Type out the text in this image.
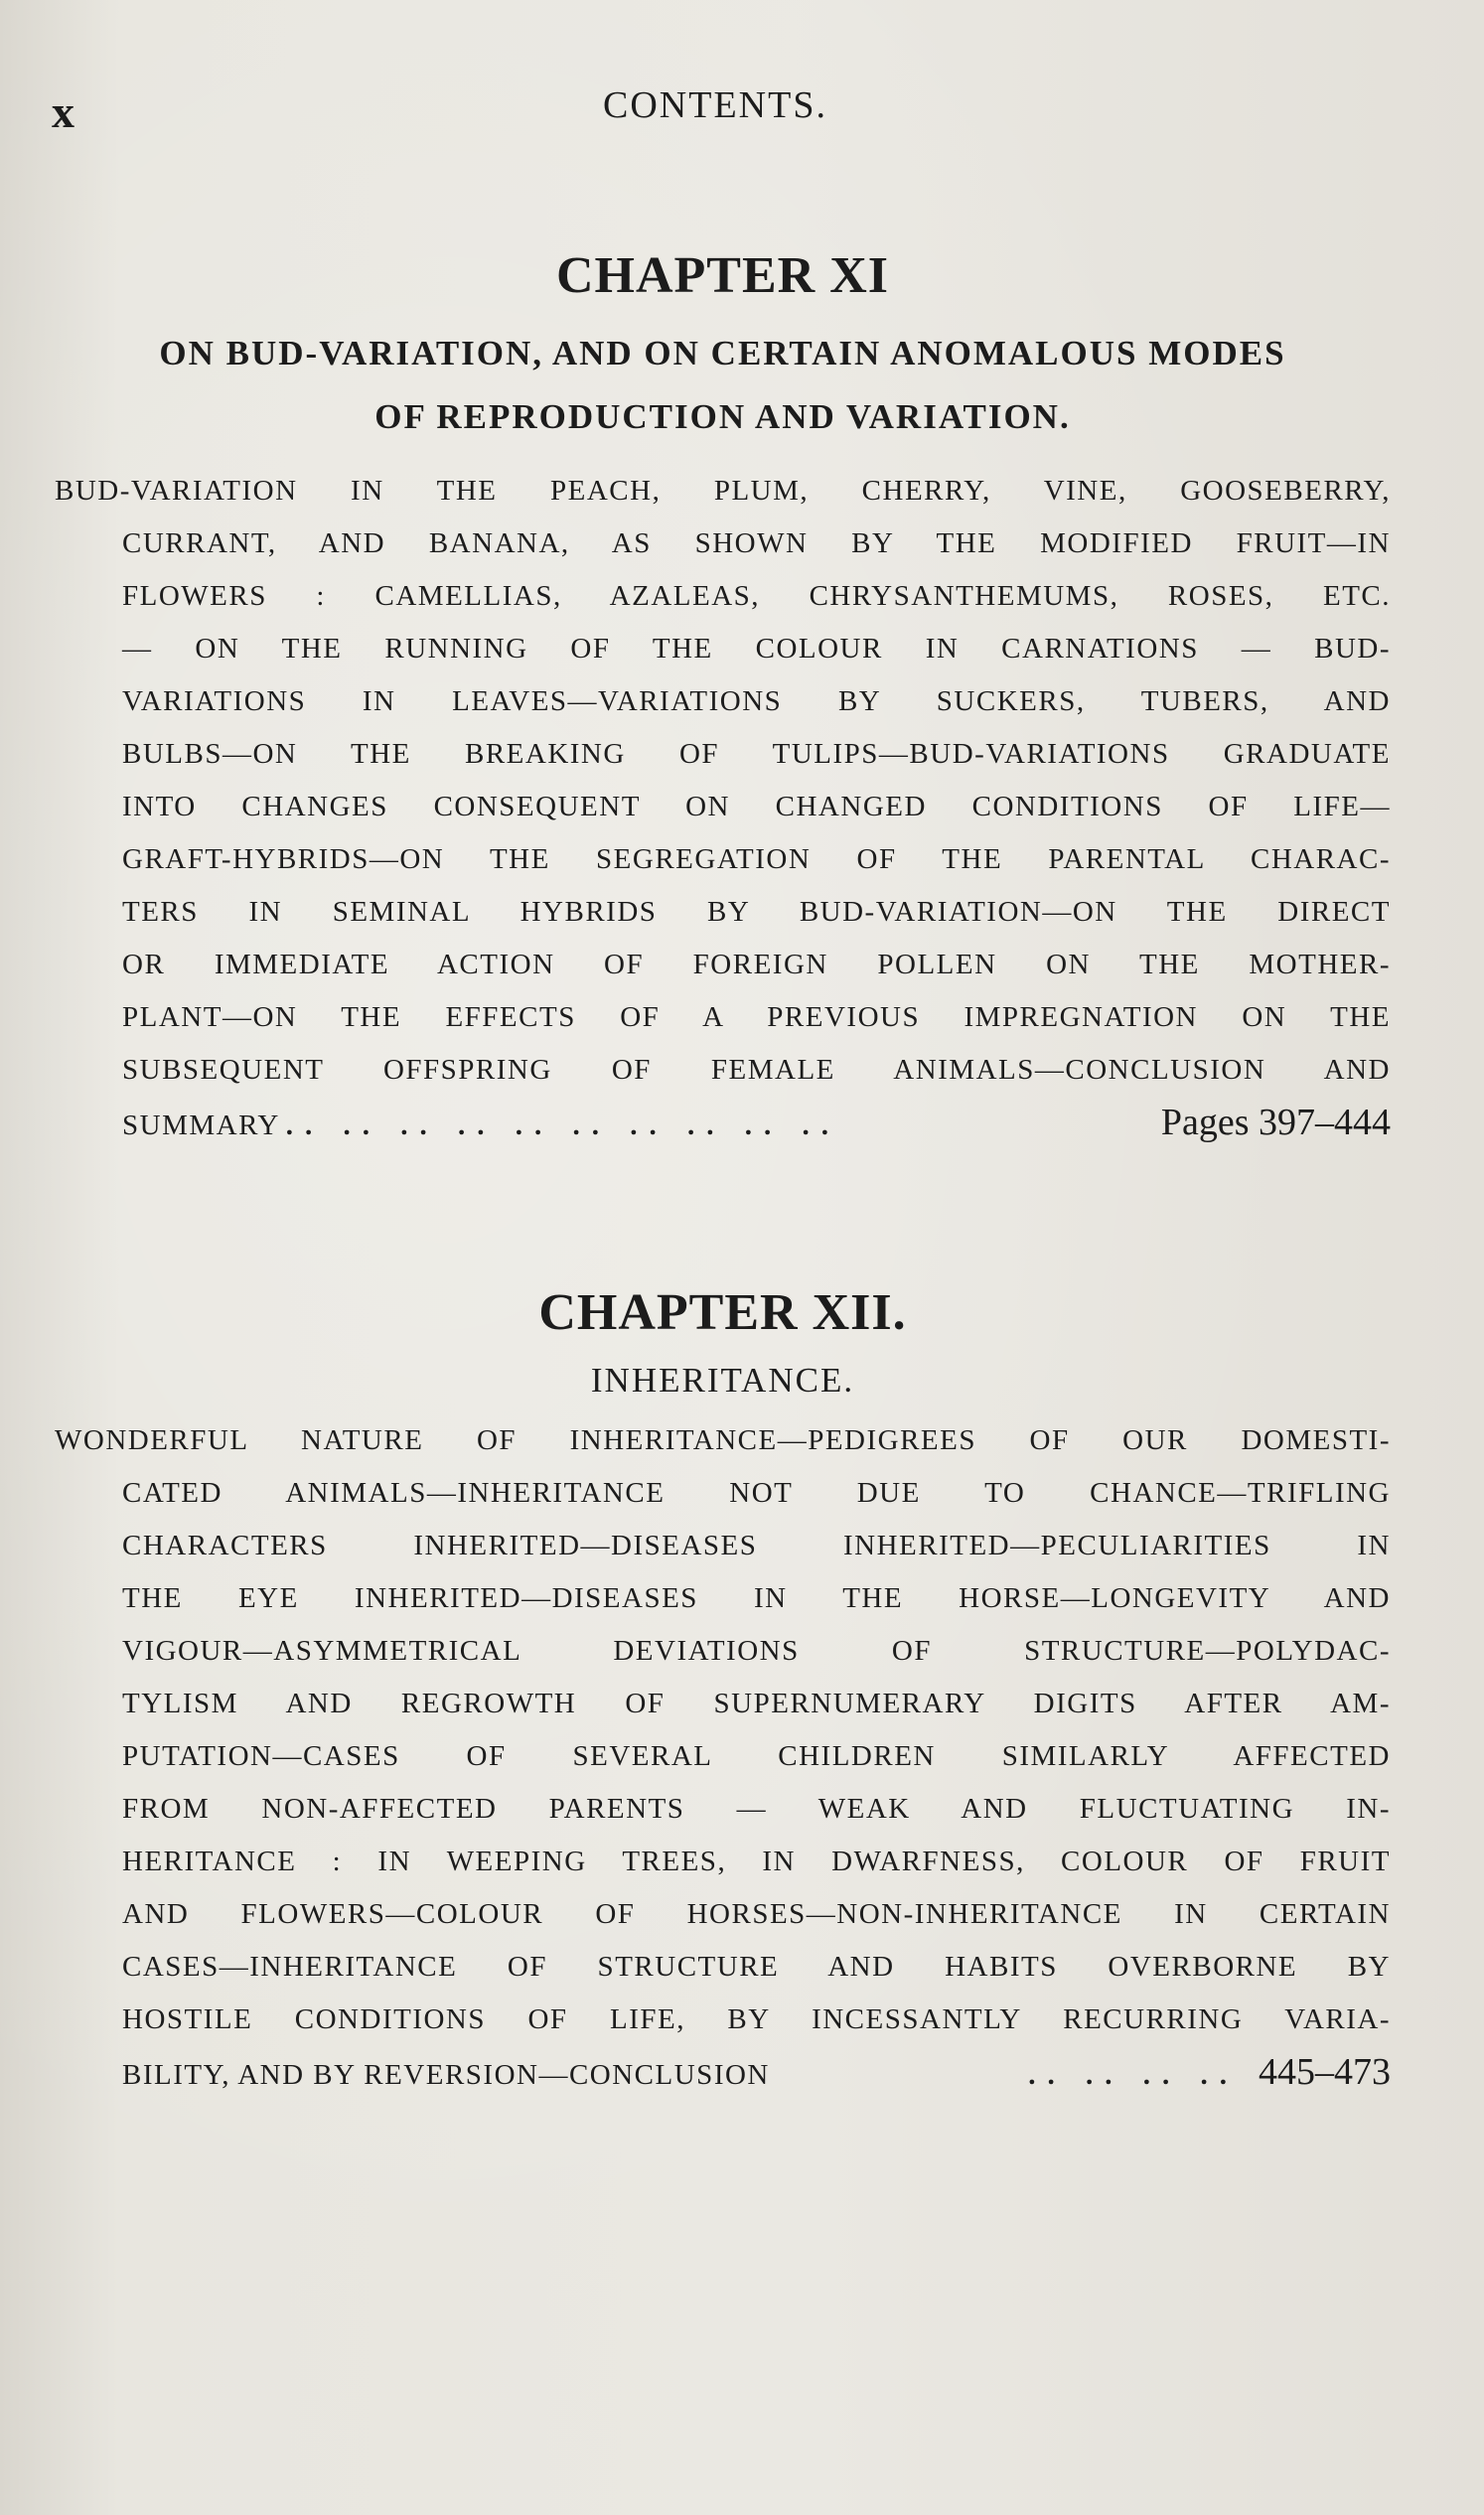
x	CONTENTS.
CHAPTER XI
ON BUD-VARIATION, AND ON CERTAIN ANOMALOUS MODES
OF REPRODUCTION AND VARIATION.
BUD-VARIATION IN THE PEACH, PLUM, CHERRY, VINE, GOOSEBERRY,
CURRANT, AND BANANA, AS SHOWN BY THE MODIFIED FRUIT—IN
FLOWERS : CAMELLIAS, AZALEAS, CHRYSANTHEMUMS, ROSES, ETC.
— ON THE RUNNING OF THE COLOUR IN CARNATIONS — BUD-
VARIATIONS IN LEAVES—VARIATIONS BY SUCKERS, TUBERS, AND
BULBS—ON THE BREAKING OF TULIPS—BUD-VARIATIONS GRADUATE
INTO CHANGES CONSEQUENT ON CHANGED CONDITIONS OF LIFE—
GRAFT-HYBRIDS—ON THE SEGREGATION OF THE PARENTAL CHARAC-
TERS IN SEMINAL HYBRIDS BY BUD-VARIATION—ON THE DIRECT
OR IMMEDIATE ACTION OF FOREIGN POLLEN ON THE MOTHER-
PLANT—ON THE EFFECTS OF A PREVIOUS IMPREGNATION ON THE
SUBSEQUENT OFFSPRING OF FEMALE ANIMALS—CONCLUSION AND
SUMMARY .. .. .. .. .. .. .. .. .. ..	Pages 397–444
CHAPTER XII.
INHERITANCE.
WONDERFUL NATURE OF INHERITANCE—PEDIGREES OF OUR DOMESTI-
CATED ANIMALS—INHERITANCE NOT DUE TO CHANCE—TRIFLING
CHARACTERS INHERITED—DISEASES INHERITED—PECULIARITIES IN
THE EYE INHERITED—DISEASES IN THE HORSE—LONGEVITY AND
VIGOUR—ASYMMETRICAL DEVIATIONS OF STRUCTURE—POLYDAC-
TYLISM AND REGROWTH OF SUPERNUMERARY DIGITS AFTER AM-
PUTATION—CASES OF SEVERAL CHILDREN SIMILARLY AFFECTED
FROM NON-AFFECTED PARENTS — WEAK AND FLUCTUATING IN-
HERITANCE : IN WEEPING TREES, IN DWARFNESS, COLOUR OF FRUIT
AND FLOWERS—COLOUR OF HORSES—NON-INHERITANCE IN CERTAIN
CASES—INHERITANCE OF STRUCTURE AND HABITS OVERBORNE BY
HOSTILE CONDITIONS OF LIFE, BY INCESSANTLY RECURRING VARIA-
BILITY, AND BY REVERSION—CONCLUSION	.. .. .. .. 445–473
